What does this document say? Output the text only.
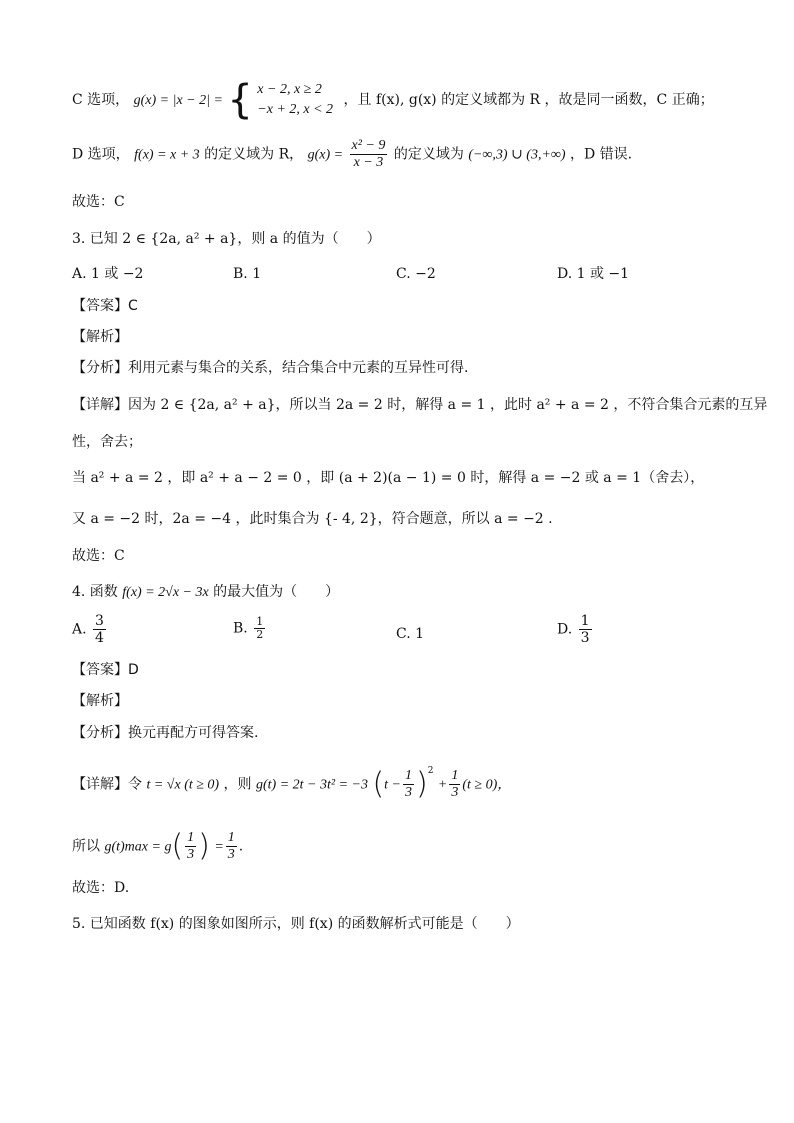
C 选项， g(x) = |x − 2| = { x − 2, x ≥ 2
−x + 2, x < 2
，且 f(x), g(x) 的定义域都为 R ，故是同一函数，C 正确；
D 选项， f(x) = x + 3 的定义域为 R， $g(x) = \frac{\text{x² − 9}}{x - 3}$ 的定义域为 (−∞,3) ∪ (3,+∞) ，D 错误.
故选：C
3. 已知 2 ∈ {2a, a² + a}，则 a 的值为（　　）
A. 1 或 −2	B. 1	C. −2	D. 1 或 −1
【答案】C
【解析】
【分析】利用元素与集合的关系，结合集合中元素的互异性可得.
【详解】因为 2 ∈ {2a, a² + a}，所以当 2a = 2 时，解得 a = 1 ，此时 a² + a = 2 ，不符合集合元素的互异
性，舍去；
当 a² + a = 2 ，即 a² + a − 2 = 0 ，即 (a + 2)(a − 1) = 0 时，解得 a = −2 或 a = 1（舍去），
又 a = −2 时，2a = −4 ，此时集合为 {- 4, 2}，符合题意，所以 a = −2 .
故选：C
4. 函数 f(x) = 2√x − 3x 的最大值为（　　）
A. $\frac{3}{4}$	B. $\frac{1}{2}$	C. 1	D. $\frac{1}{3}$
【答案】D
【解析】
【分析】换元再配方可得答案.
【详解】令 t = √x (t ≥ 0) ，则 g(t) = 2t − 3t² = −3 $(t - \frac{1}{3} )^2 + \frac{1}{3} (t \ge 0)$，
所以 $g(t)\max = g( \frac{1}{3}$ ) = $\frac{1}{3}$ .
故选：D.
5. 已知函数 f(x) 的图象如图所示，则 f(x) 的函数解析式可能是（　　）
